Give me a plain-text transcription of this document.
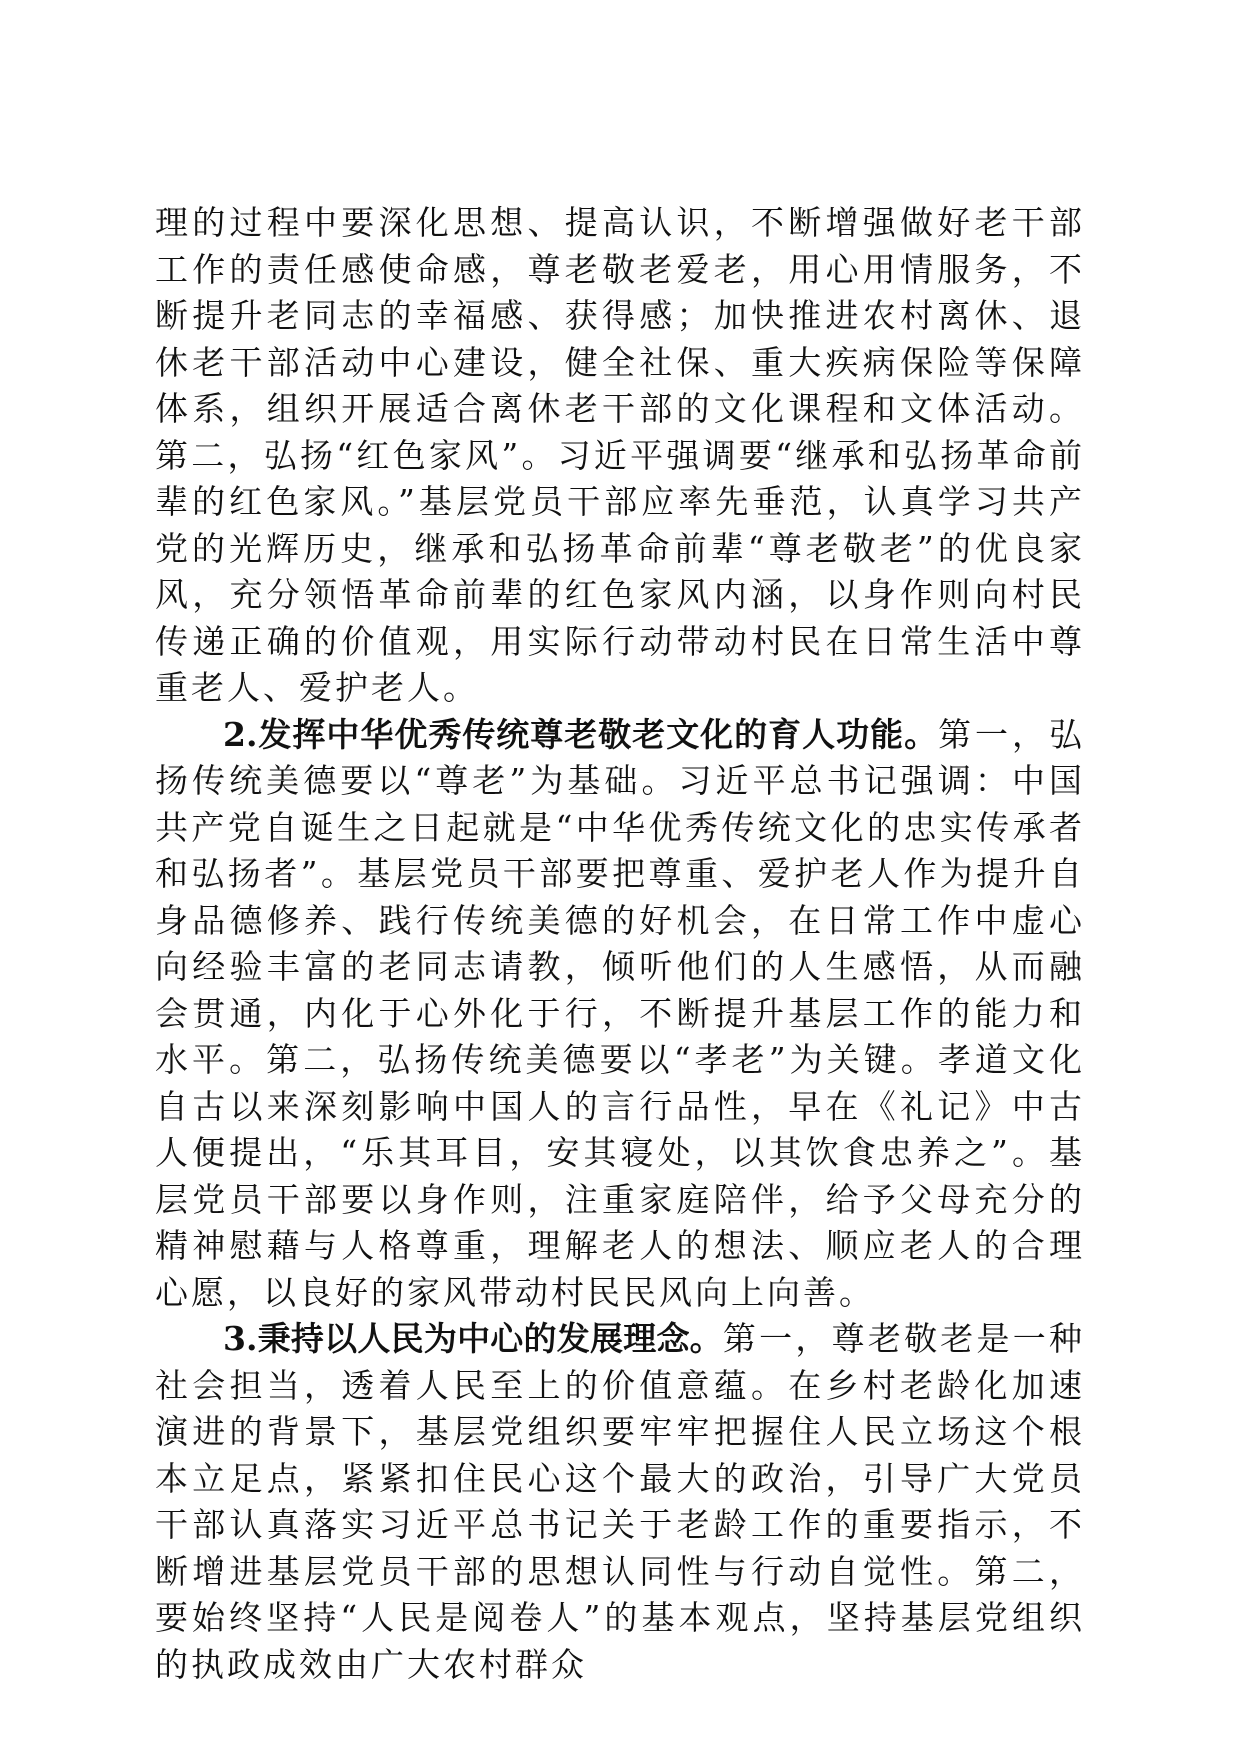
理的过程中要深化思想、提高认识，不断增强做好老干部工作的责任感使命感，尊老敬老爱老，用心用情服务，不断提升老同志的幸福感、获得感；加快推进农村离休、退休老干部活动中心建设，健全社保、重大疾病保险等保障体系，组织开展适合离休老干部的文化课程和文体活动。第二，弘扬“红色家风”。习近平强调要“继承和弘扬革命前辈的红色家风。”基层党员干部应率先垂范，认真学习共产党的光辉历史，继承和弘扬革命前辈“尊老敬老”的优良家风，充分领悟革命前辈的红色家风内涵，以身作则向村民传递正确的价值观，用实际行动带动村民在日常生活中尊重老人、爱护老人。

2.发挥中华优秀传统尊老敬老文化的育人功能。第一，弘扬传统美德要以“尊老”为基础。习近平总书记强调：中国共产党自诞生之日起就是“中华优秀传统文化的忠实传承者和弘扬者”。基层党员干部要把尊重、爱护老人作为提升自身品德修养、践行传统美德的好机会，在日常工作中虚心向经验丰富的老同志请教，倾听他们的人生感悟，从而融会贯通，内化于心外化于行，不断提升基层工作的能力和水平。第二，弘扬传统美德要以“孝老”为关键。孝道文化自古以来深刻影响中国人的言行品性，早在《礼记》中古人便提出，“乐其耳目，安其寝处，以其饮食忠养之”。基层党员干部要以身作则，注重家庭陪伴，给予父母充分的精神慰藉与人格尊重，理解老人的想法、顺应老人的合理心愿，以良好的家风带动村民民风向上向善。

3.秉持以人民为中心的发展理念。第一，尊老敬老是一种社会担当，透着人民至上的价值意蕴。在乡村老龄化加速演进的背景下，基层党组织要牢牢把握住人民立场这个根本立足点，紧紧扣住民心这个最大的政治，引导广大党员干部认真落实习近平总书记关于老龄工作的重要指示，不断增进基层党员干部的思想认同性与行动自觉性。第二，要始终坚持“人民是阅卷人”的基本观点，坚持基层党组织的执政成效由广大农村群众
